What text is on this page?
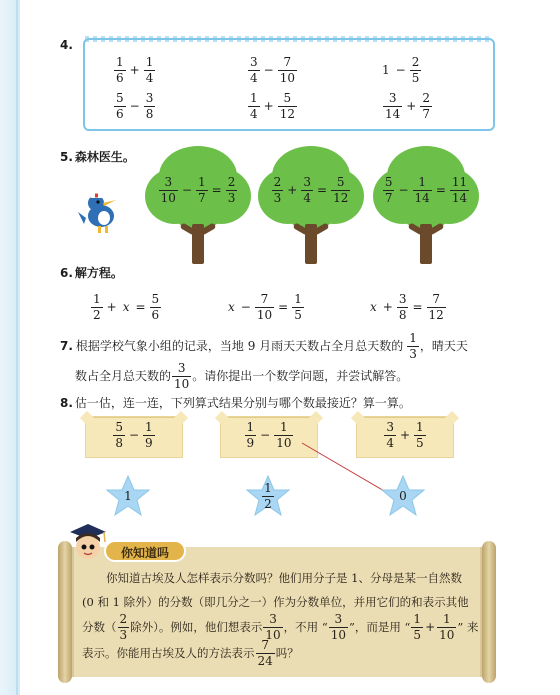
4.
$\frac{1}{6} + \frac{1}{4}$	$\frac{3}{4} - \frac{7}{10}$	$1 - \frac{2}{5}$
$\frac{5}{6} - \frac{3}{8}$	$\frac{1}{4} + \frac{5}{12}$	$\frac{3}{14} + \frac{2}{7}$
5. 森林医生。
$\frac{3}{10} - \frac{1}{7} = \frac{2}{3}$	$\frac{2}{3} + \frac{3}{4} = \frac{5}{12}$	$\frac{5}{7} - \frac{1}{14} = \frac{11}{14}$
6. 解方程。
$\frac{1}{2} + x = \frac{5}{6}$	$x - \frac{7}{10} = \frac{1}{5}$	$x + \frac{3}{8} = \frac{7}{12}$
7. 根据学校气象小组的记录，当地 9 月雨天天数占全月总天数的 $\frac{1}{3}$ ，晴天天
数占全月总天数的 $\frac{3}{10}$ 。请你提出一个数学问题，并尝试解答。
8. 估一估，连一连，下列算式结果分别与哪个数最接近？算一算。
$\frac{5}{8} - \frac{1}{9}$	$\frac{1}{9} - \frac{1}{10}$	$\frac{3}{4} + \frac{1}{5}$
1	$\frac{1}{2}$	0
你知道吗
你知道古埃及人怎样表示分数吗？他们用分子是 1、分母是某一自然数
(0 和 1 除外）的分数（即几分之一）作为分数单位，并用它们的和表示其他
分数（ $\frac{2}{3}$ 除外）。例如，他们想表示 $\frac{3}{10}$ ，不用 “ $\frac{3}{10}$ ”，而是用 “ $\frac{1}{5} + \frac{1}{10}$ ” 来
表示。你能用古埃及人的方法表示 $\frac{7}{24}$ 吗？
